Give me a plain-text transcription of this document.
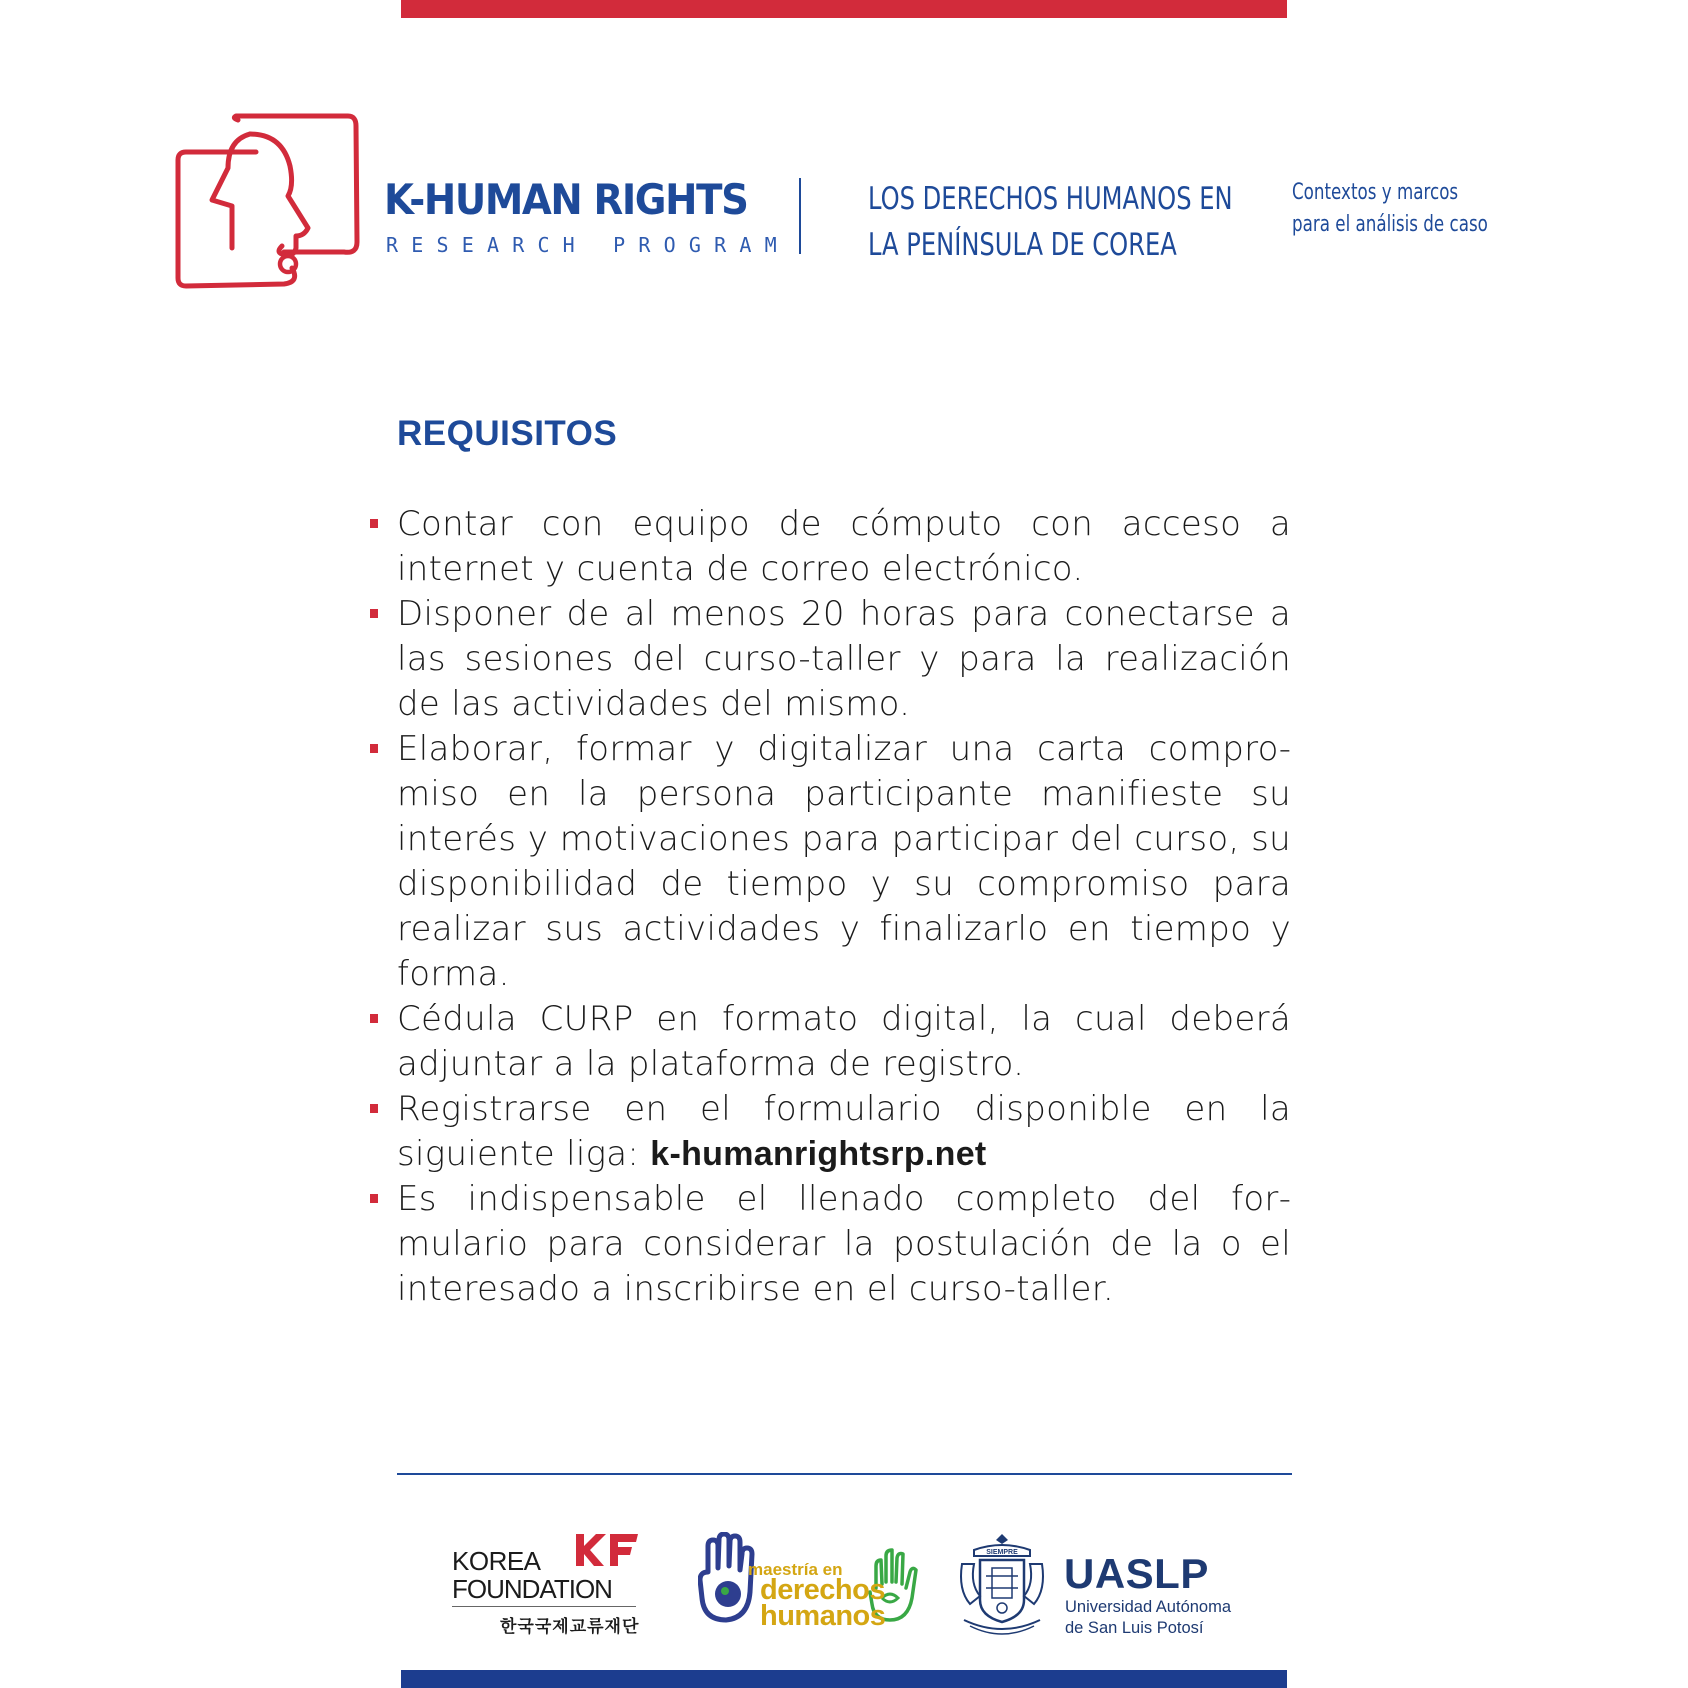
K-HUMAN RIGHTS
RESEARCH PROGRAM
LOS DERECHOS HUMANOS EN
LA PENÍNSULA DE COREA
Contextos y marcos
para el análisis de caso
REQUISITOS
Contar con equipo de cómputo con acceso a internet y cuenta de correo electrónico.
Disponer de al menos 20 horas para conectarse a las sesiones del curso-taller y para la realización de las actividades del mismo.
Elaborar, formar y digitalizar una carta compromiso en la persona participante manifieste su interés y motivaciones para participar del curso, su disponibilidad de tiempo y su compromiso para realizar sus actividades y finalizarlo en tiempo y forma.
Cédula CURP en formato digital, la cual deberá adjuntar a la plataforma de registro.
Registrarse en el formulario disponible en la siguiente liga: k-humanrightsrp.net
Es indispensable el llenado completo del formulario para considerar la postulación de la o el interesado a inscribirse en el curso-taller.
KOREA
FOUNDATION
한국국제교류재단
maestría en
derechos
humanos
SIEMPRE UASLP
Universidad Autónoma
de San Luis Potosí
